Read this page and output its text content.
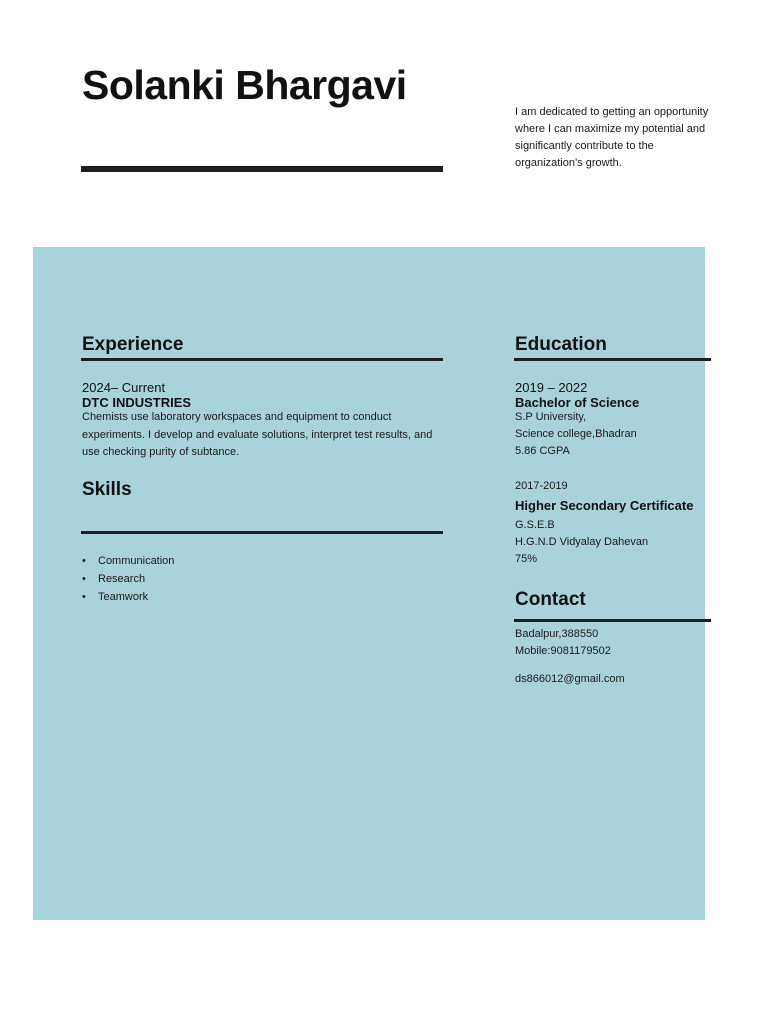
Solanki Bhargavi

I am dedicated to getting an opportunity where I can maximize my potential and significantly contribute to the organization’s growth.

Experience

2024– Current

DTC INDUSTRIES

Chemists use laboratory workspaces and equipment to conduct experiments. I develop and evaluate solutions, interpret test results, and use checking purity of subtance.

Skills
• Communication
• Research
• Teamwork
Education

2019 – 2022

Bachelor of Science

S.P University,

Science college,Bhadran

5.86 CGPA

2017-2019

Higher Secondary Certificate

G.S.E.B

H.G.N.D Vidyalay Dahevan

75%

Contact

Badalpur,388550

Mobile:9081179502

ds866012@gmail.com
